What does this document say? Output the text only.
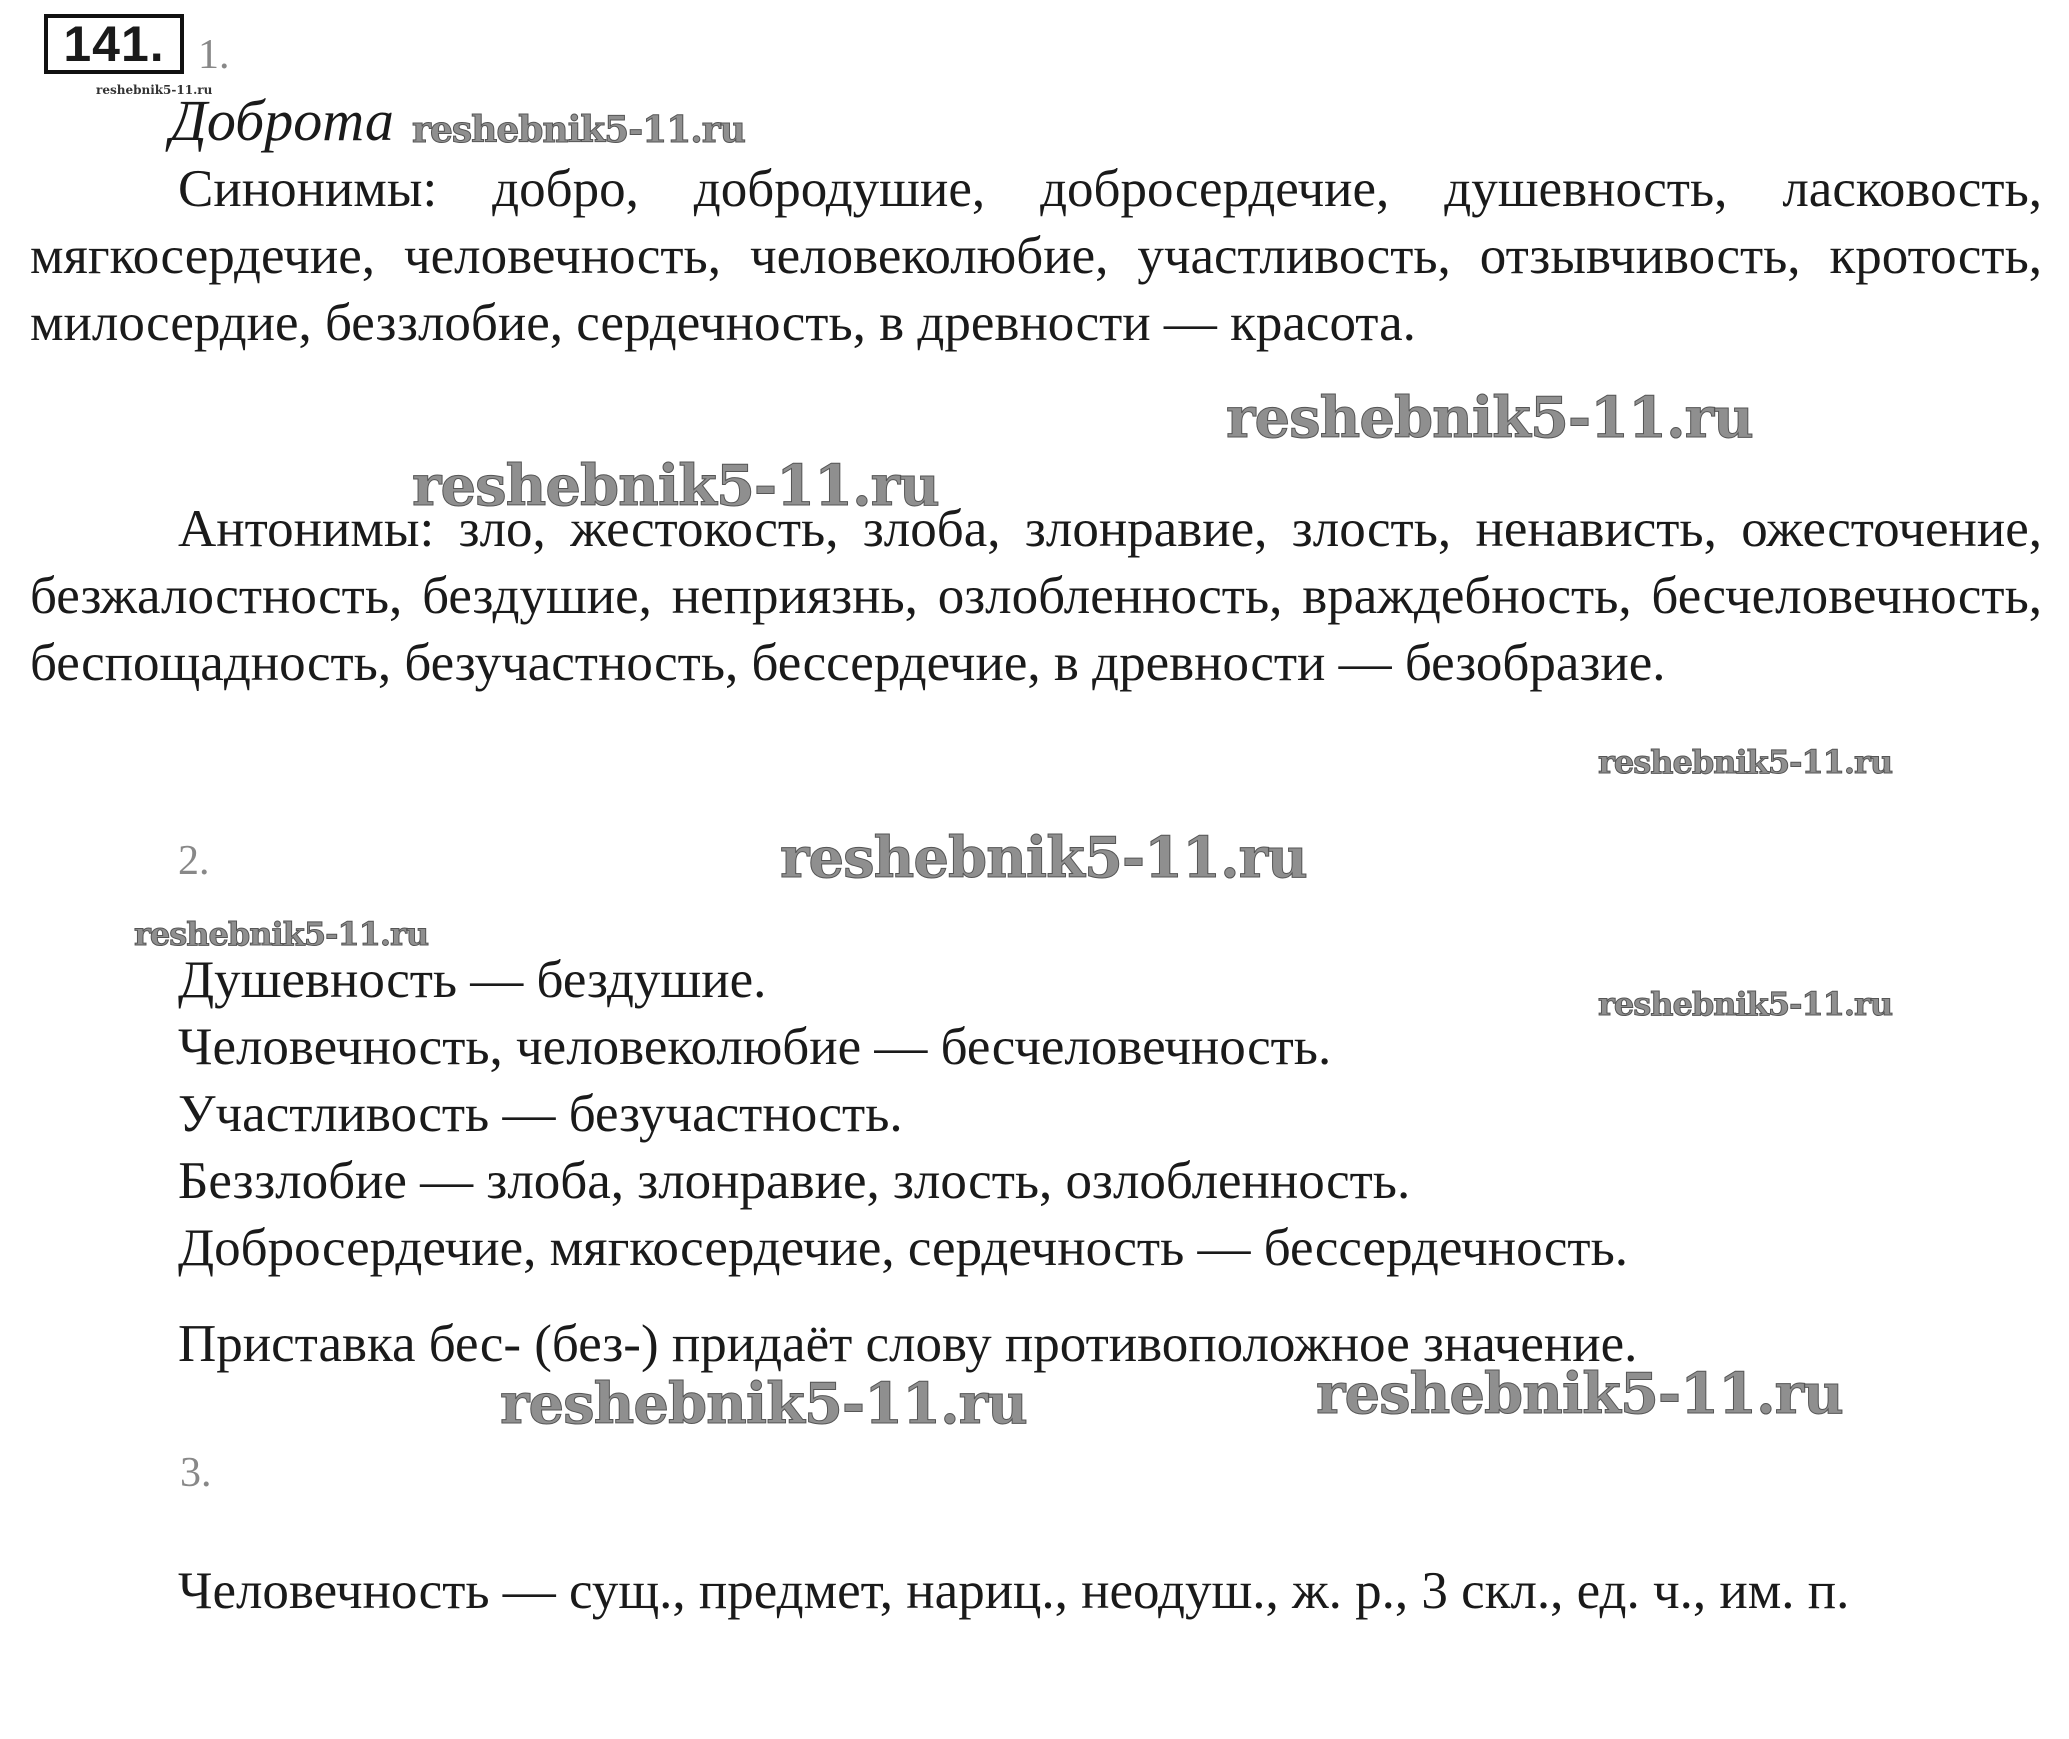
141. 1.
reshebnik5-11.ru
Доброта reshebnik5-11.ru

Синонимы: добро, добродушие, добросердечие, душевность, ласковость, мягкосердечие, человечность, человеколюбие, участливость, отзывчивость, кротость, милосердие, беззлобие, сердечность, в древности — красота.

reshebnik5-11.ru
reshebnik5-11.ru

Антонимы: зло, жестокость, злоба, злонравие, злость, ненависть, ожесточение, безжалостность, бездушие, неприязнь, озлобленность, враждебность, бесчеловечность, беспощадность, безучастность, бессердечие, в древности — безобразие.

reshebnik5-11.ru
2.	reshebnik5-11.ru
reshebnik5-11.ru
reshebnik5-11.ru
Душевность — бездушие.
Человечность, человеколюбие — бесчеловечность.
Участливость — безучастность.
Беззлобие — злоба, злонравие, злость, озлобленность.
Добросердечие, мягкосердечие, сердечность — бессердечность.
Приставка бес- (без-) придаёт слову противоположное значение.
reshebnik5-11.ru	reshebnik5-11.ru
3.

Человечность — сущ., предмет, нариц., неодуш., ж. р., 3 скл., ед. ч., им. п.
